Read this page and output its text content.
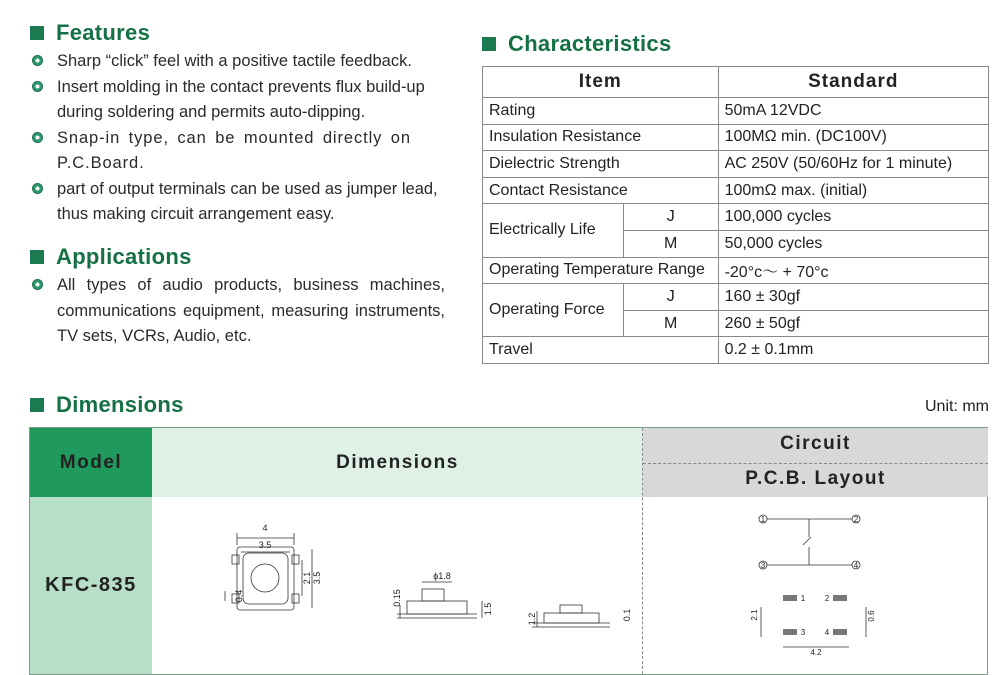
Features
Sharp “click” feel with a positive tactile feedback.
Insert molding in the contact prevents flux build-up during soldering and permits auto-dipping.
Snap-in type, can be mounted directly on P.C.Board.
part of output terminals can be used as jumper lead, thus making circuit arrangement easy.
Applications
All types of audio products, business machines, communications equipment, measuring instruments, TV sets, VCRs, Audio, etc.
Characteristics
Item		Standard
Rating		50mA 12VDC
Insulation Resistance		100MΩ min. (DC100V)
Dielectric Strength		AC 250V (50/60Hz for 1 minute)
Contact Resistance		100mΩ max. (initial)
Electrically Life	J	100,000 cycles
	M	50,000 cycles
Operating Temperature Range		-20°c～ + 70°c
Operating Force	J	160 ± 30gf
	M	260 ± 50gf
Travel		0.2 ± 0.1mm
Dimensions	Unit: mm
Model	Dimensions
Circuit
P.C.B. Layout
KFC-835
4
3.5
2.1 3.5
0.4
ϕ1.8
0.15
1.5
1.2	0.1
1	2
3	4
1 2
3 4
2.1	0.6
4.2
